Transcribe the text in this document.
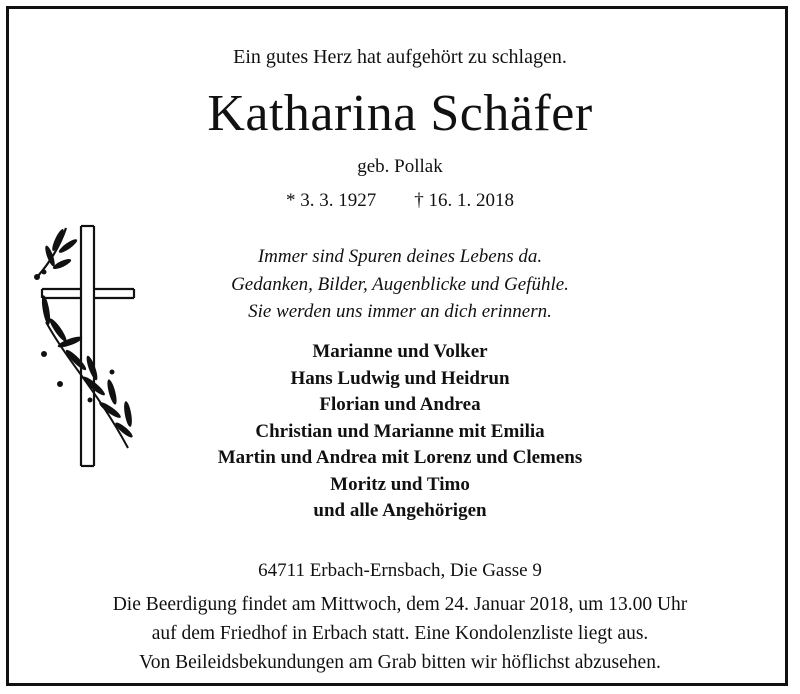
Ein gutes Herz hat aufgehört zu schlagen.
Katharina Schäfer
geb. Pollak
* 3. 3. 1927 † 16. 1. 2018
Immer sind Spuren deines Lebens da.
Gedanken, Bilder, Augenblicke und Gefühle.
Sie werden uns immer an dich erinnern.
Marianne und Volker
Hans Ludwig und Heidrun
Florian und Andrea
Christian und Marianne mit Emilia
Martin und Andrea mit Lorenz und Clemens
Moritz und Timo
und alle Angehörigen
64711 Erbach-Ernsbach, Die Gasse 9
Die Beerdigung findet am Mittwoch, dem 24. Januar 2018, um 13.00 Uhr
auf dem Friedhof in Erbach statt. Eine Kondolenzliste liegt aus.
Von Beileidsbekundungen am Grab bitten wir höflichst abzusehen.
